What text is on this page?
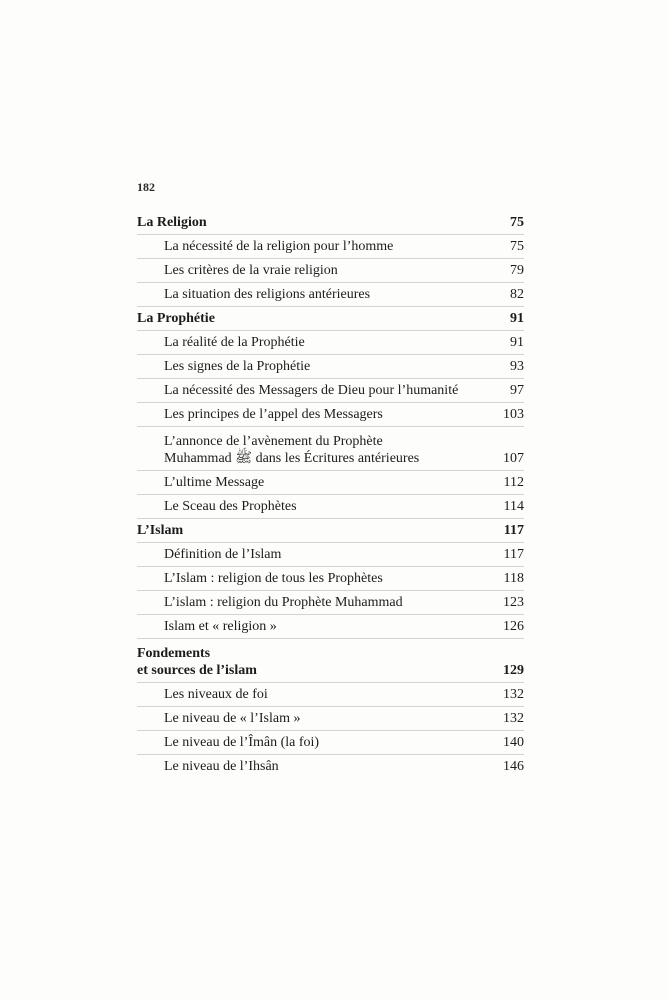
182
La Religion	75
La nécessité de la religion pour l’homme	75
Les critères de la vraie religion	79
La situation des religions antérieures	82
La Prophétie	91
La réalité de la Prophétie	91
Les signes de la Prophétie	93
La nécessité des Messagers de Dieu pour l’humanité	97
Les principes de l’appel des Messagers	103
L’annonce de l’avènement du Prophète
Muhammad ﷺ dans les Écritures antérieures	107
L’ultime Message	112
Le Sceau des Prophètes	114
L’Islam	117
Définition de l’Islam	117
L’Islam : religion de tous les Prophètes	118
L’islam : religion du Prophète Muhammad	123
Islam et « religion »	126
Fondements
et sources de l’islam	129
Les niveaux de foi	132
Le niveau de « l’Islam »	132
Le niveau de l’Îmân (la foi)	140
Le niveau de l’Ihsân	146
